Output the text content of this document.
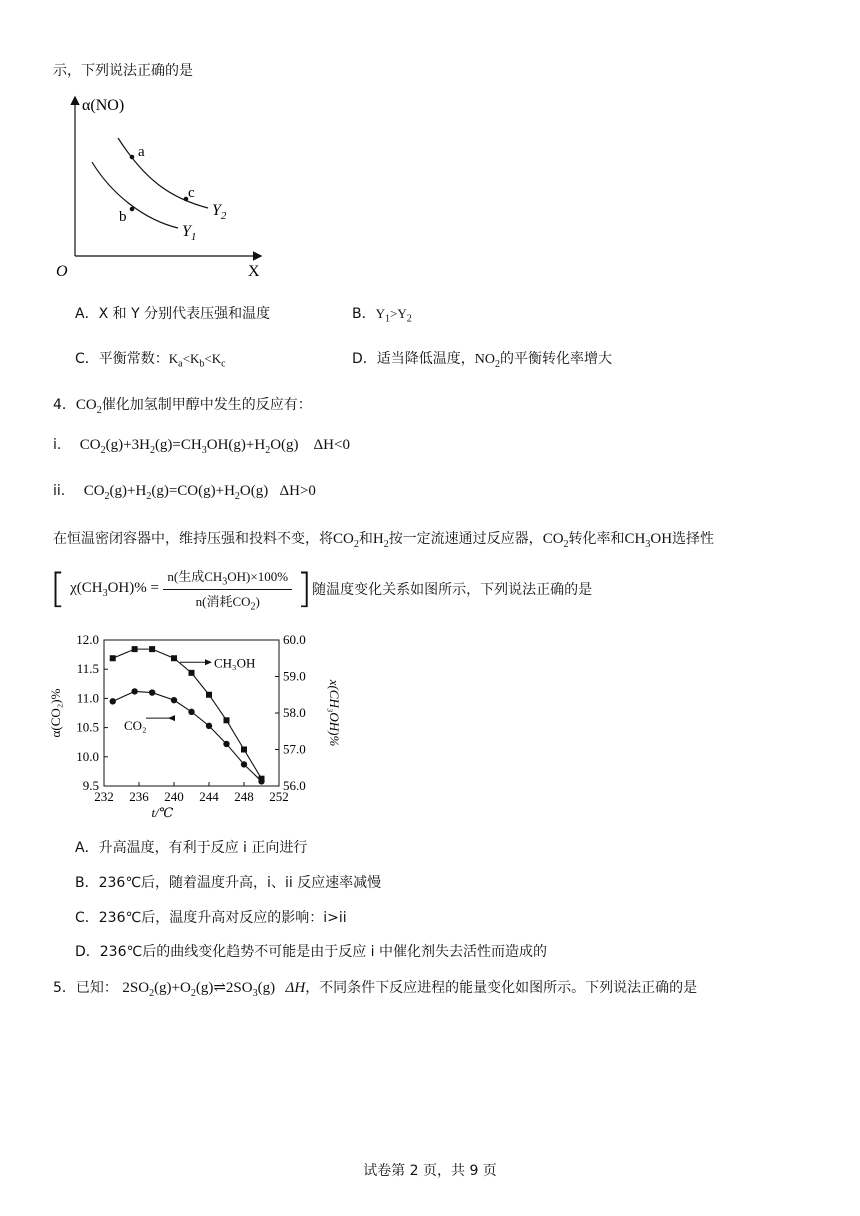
示，下列说法正确的是
α(NO)
X
O
a
c
b	$Y_2$
$Y_1$
A．X 和 Y 分别代表压强和温度	B．$Y_1>Y_2$
C．平衡常数：$K_a<K_b<K_c$	D．适当降低温度，$NO_2$的平衡转化率增大
4．$CO_2$催化加氢制甲醇中发生的反应有：
i. $CO_2(g)+3H_2(g)=CH_3OH(g)+H_2O(g)$    ΔH<0
ii. $CO_2(g)+H_2(g)=CO(g)+H_2O(g)$   ΔH>0
在恒温密闭容器中，维持压强和投料不变，将$CO_2$和$H_2$按一定流速通过反应器，$CO_2$转化率和$CH_3OH$选择性
[ $\chi(CH_3OH)\% = \frac{n(生成CH_3OH)\times 100\%}{n(消耗CO_2)}$ ]随温度变化关系如图所示，下列说法正确的是
232 236 240 244 248 252
t/℃
9.5
10.0
10.5
11.0
11.5
12.0
56.0
57.0
58.0
59.0
60.0
α(CO₂)%	x(CH₃OH)%
CH₃OH
CO₂
A．升高温度，有利于反应 i 正向进行
B．236℃后，随着温度升高，i、ii 反应速率减慢
C．236℃后，温度升高对反应的影响：i>ii
D．236℃后的曲线变化趋势不可能是由于反应 i 中催化剂失去活性而造成的
5．已知： $2SO_2(g)+O_2(g)\rightleftharpoons 2SO_3(g)$ ΔH，不同条件下反应进程的能量变化如图所示。下列说法正确的是
试卷第 2 页，共 9 页
